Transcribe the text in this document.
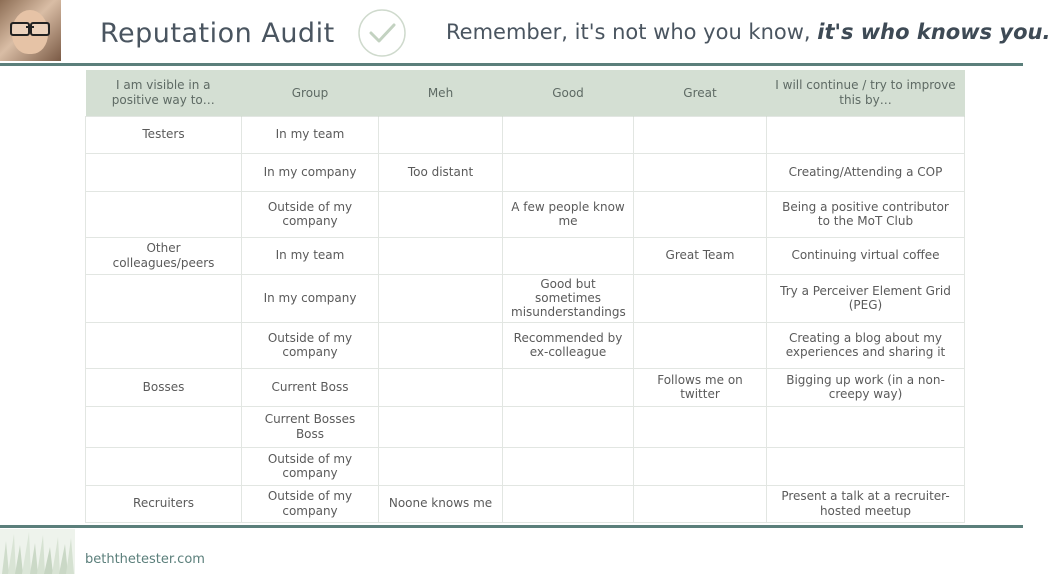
Reputation Audit	Remember, it's not who you know, it's who knows you.
I am visible in a positive way to…	Group	Meh	Good	Great	I will continue / try to improve this by…
Testers	In my team				
	In my company	Too distant			Creating/Attending a COP
	Outside of my company		A few people know me		Being a positive contributor to the MoT Club
Other colleagues/peers	In my team			Great Team	Continuing virtual coffee
	In my company		Good but sometimes misunderstandings		Try a Perceiver Element Grid (PEG)
	Outside of my company		Recommended by ex-colleague		Creating a blog about my experiences and sharing it
Bosses	Current Boss			Follows me on twitter	Bigging up work (in a non-creepy way)
	Current Bosses Boss				
	Outside of my company				
Recruiters	Outside of my company	Noone knows me			Present a talk at a recruiter-hosted meetup
beththetester.com
